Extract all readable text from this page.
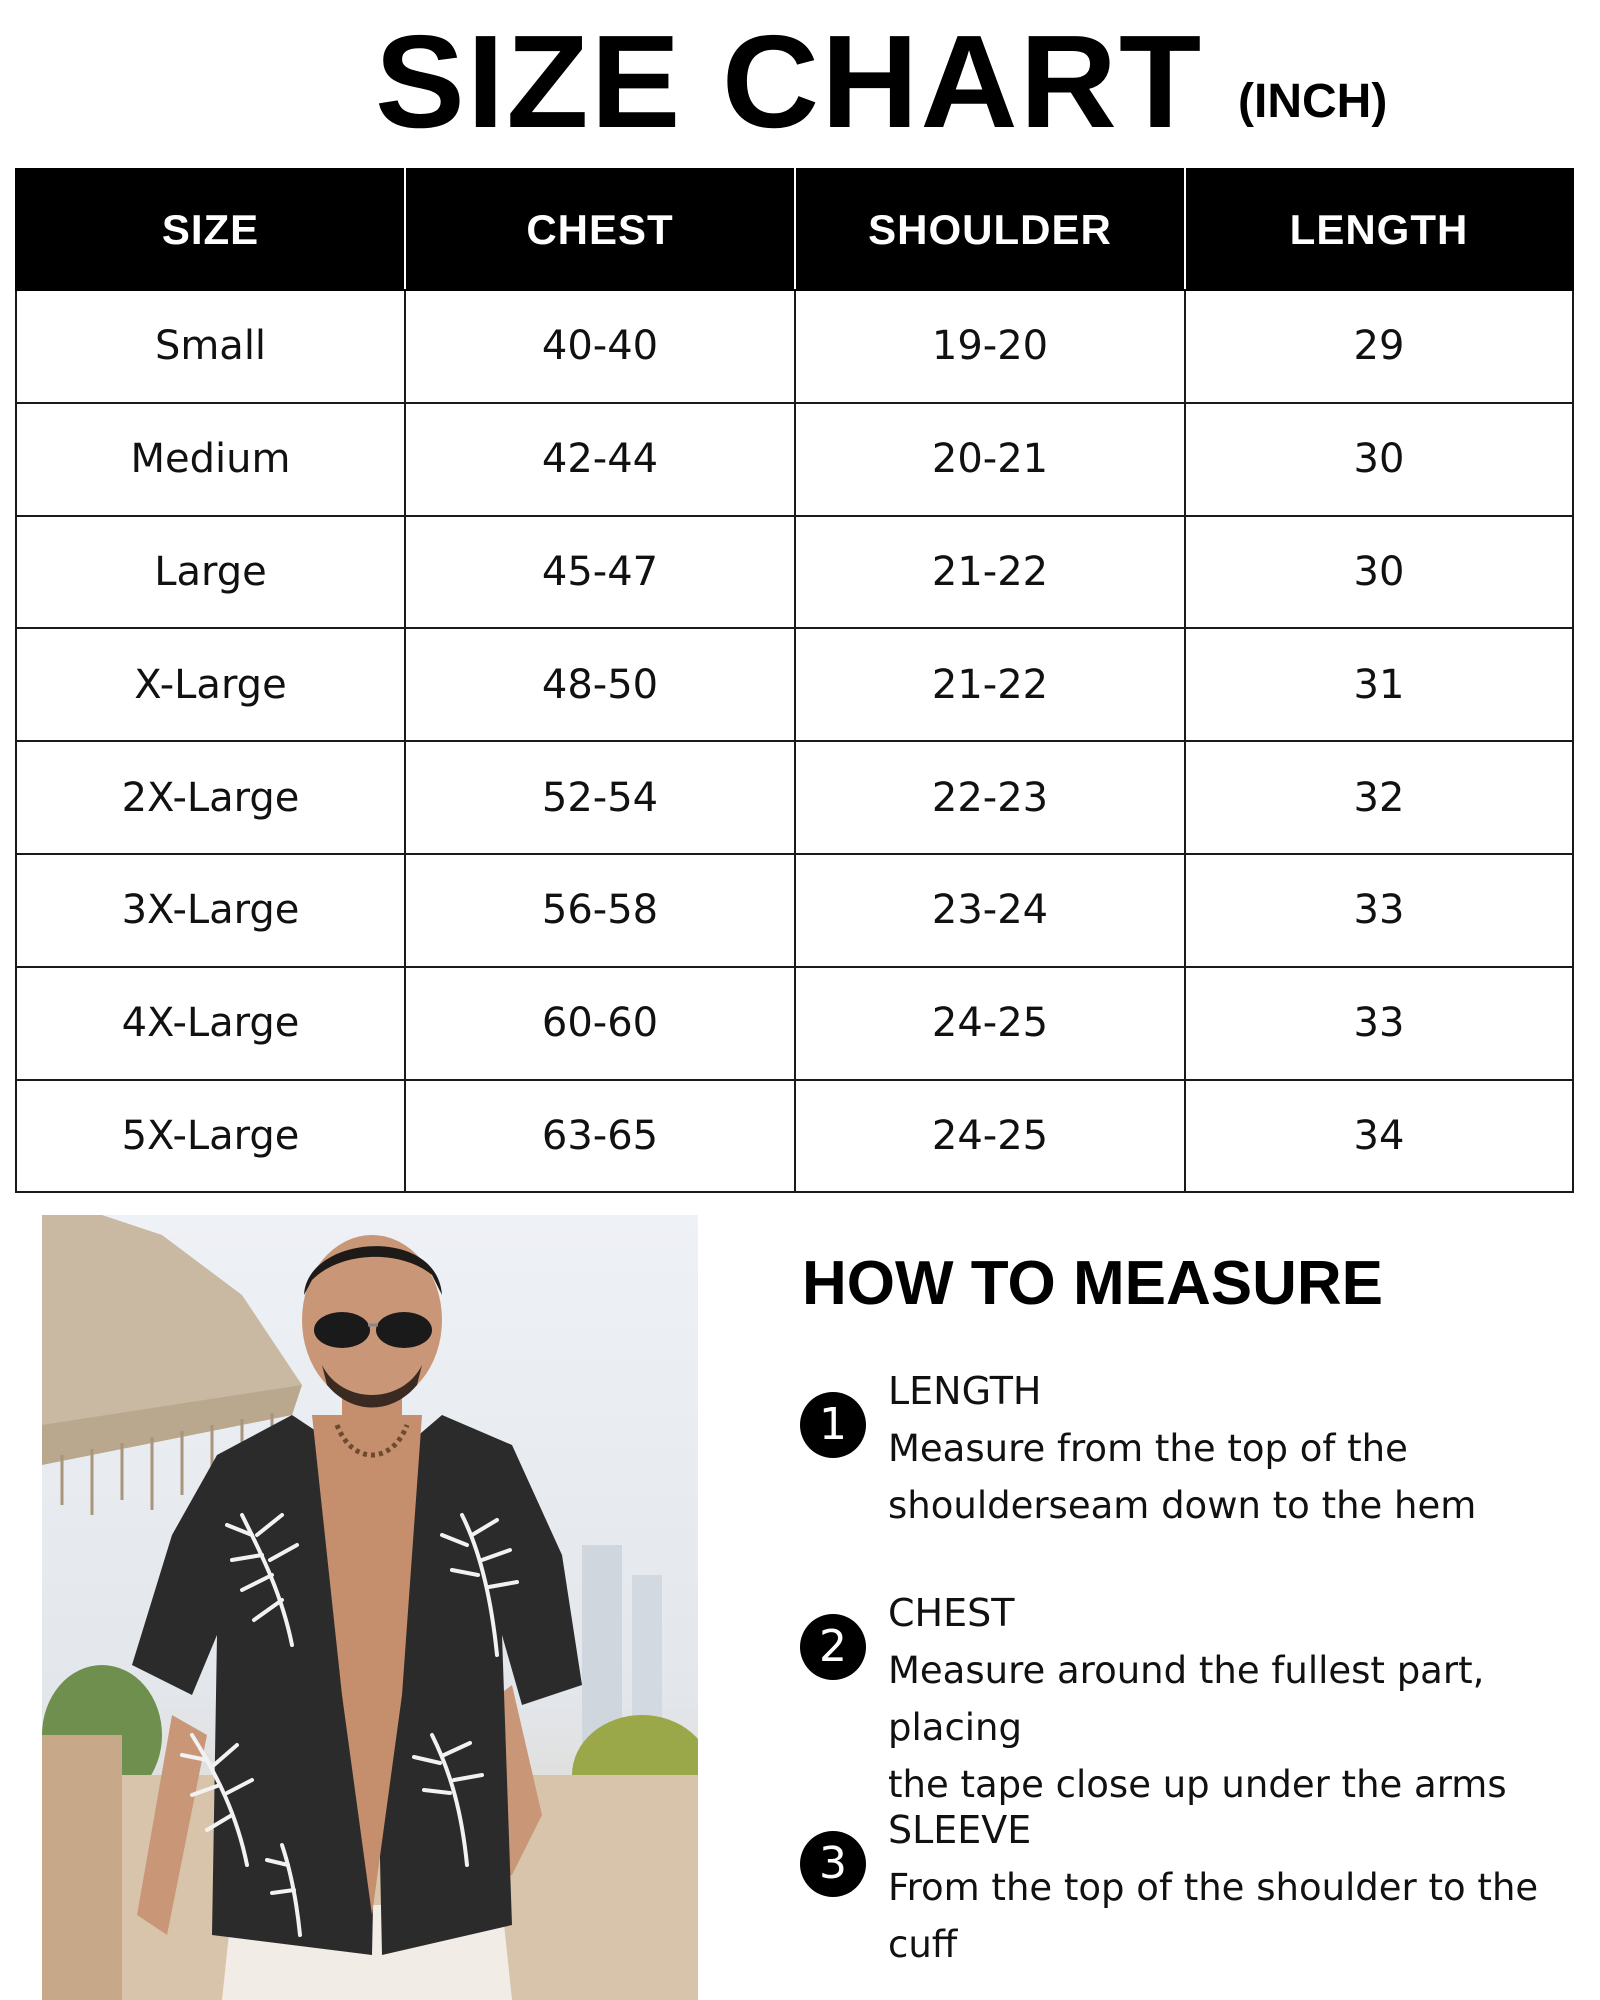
SIZE CHART (INCH)
SIZE	CHEST	SHOULDER	LENGTH
Small	40-40	19-20	29
Medium	42-44	20-21	30
Large	45-47	21-22	30
X-Large	48-50	21-22	31
2X-Large	52-54	22-23	32
3X-Large	56-58	23-24	33
4X-Large	60-60	24-25	33
5X-Large	63-65	24-25	34
HOW TO MEASURE
1
LENGTH
Measure from the top of the
shoulderseam down to the hem
2
CHEST
Measure around the fullest part, placing
the tape close up under the arms
3
SLEEVE
From the top of the shoulder to the cuff
